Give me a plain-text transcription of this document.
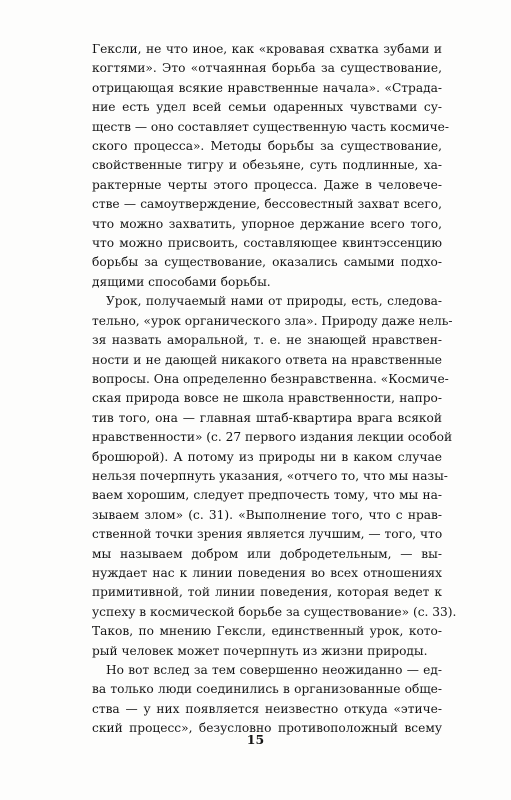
Гексли, не что иное, как «кровавая схватка зубами и
когтями». Это «отчаянная борьба за существование,
отрицающая всякие нравственные начала». «Страда-
ние есть удел всей семьи одаренных чувствами су-
ществ — оно составляет существенную часть космиче-
ского процесса». Методы борьбы за существование,
свойственные тигру и обезьяне, суть подлинные, ха-
рактерные черты этого процесса. Даже в человече-
стве — самоутверждение, бессовестный захват всего,
что можно захватить, упорное держание всего того,
что можно присвоить, составляющее квинтэссенцию
борьбы за существование, оказались самыми подхо-
дящими способами борьбы.

Урок, получаемый нами от природы, есть, следова-
тельно, «урок органического зла». Природу даже нель-
зя назвать аморальной, т. е. не знающей нравствен-
ности и не дающей никакого ответа на нравственные
вопросы. Она определенно безнравственна. «Космиче-
ская природа вовсе не школа нравственности, напро-
тив того, она — главная штаб-квартира врага всякой
нравственности» (с. 27 первого издания лекции особой
брошюрой). А потому из природы ни в каком случае
нельзя почерпнуть указания, «отчего то, что мы назы-
ваем хорошим, следует предпочесть тому, что мы на-
зываем злом» (с. 31). «Выполнение того, что с нрав-
ственной точки зрения является лучшим, — того, что
мы называем добром или добродетельным, — вы-
нуждает нас к линии поведения во всех отношениях
примитивной, той линии поведения, которая ведет к
успеху в космической борьбе за существование» (с. 33).
Таков, по мнению Гексли, единственный урок, кото-
рый человек может почерпнуть из жизни природы.

Но вот вслед за тем совершенно неожиданно — ед-
ва только люди соединились в организованные обще-
ства — у них появляется неизвестно откуда «этиче-
ский процесс», безусловно противоположный всему

15
